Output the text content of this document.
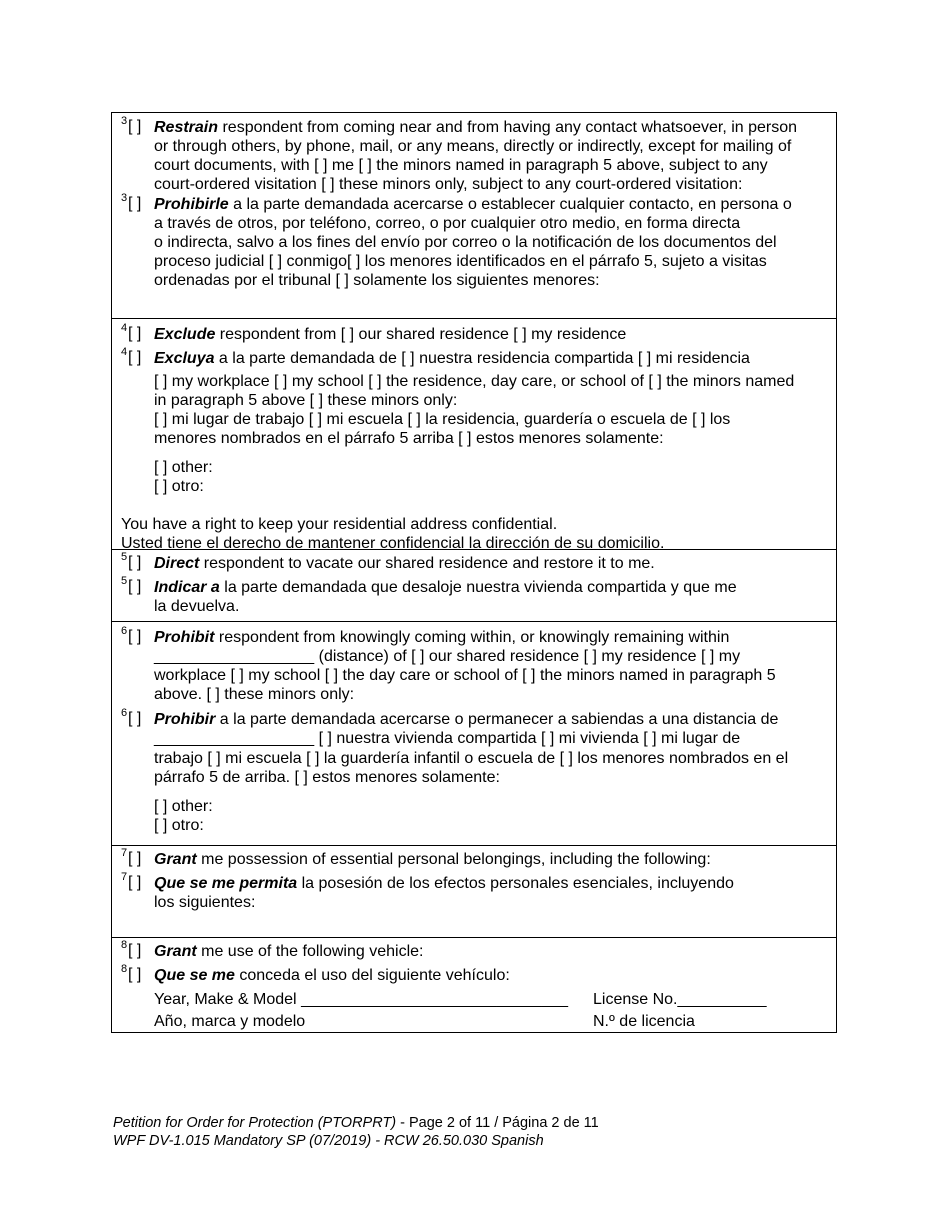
3 [ ] Restrain respondent from coming near and from having any contact whatsoever, in person
or through others, by phone, mail, or any means, directly or indirectly, except for mailing of
court documents, with [ ] me [ ] the minors named in paragraph 5 above, subject to any
court-ordered visitation [ ] these minors only, subject to any court-ordered visitation:
3 [ ] Prohibirle a la parte demandada acercarse o establecer cualquier contacto, en persona o
a través de otros, por teléfono, correo, o por cualquier otro medio, en forma directa
o indirecta, salvo a los fines del envío por correo o la notificación de los documentos del
proceso judicial [ ] conmigo[ ] los menores identificados en el párrafo 5, sujeto a visitas
ordenadas por el tribunal [ ] solamente los siguientes menores:
4 [ ] Exclude respondent from [ ] our shared residence [ ] my residence
4 [ ] Excluya a la parte demandada de [ ] nuestra residencia compartida [ ] mi residencia
[ ] my workplace [ ] my school [ ] the residence, day care, or school of [ ] the minors named
in paragraph 5 above [ ] these minors only:
[ ] mi lugar de trabajo [ ] mi escuela [ ] la residencia, guardería o escuela de [ ] los
menores nombrados en el párrafo 5 arriba [ ] estos menores solamente:
[ ] other:
[ ] otro:
You have a right to keep your residential address confidential.
Usted tiene el derecho de mantener confidencial la dirección de su domicilio.
5 [ ] Direct respondent to vacate our shared residence and restore it to me.
5 [ ] Indicar a la parte demandada que desaloje nuestra vivienda compartida y que me
la devuelva.
6 [ ] Prohibit respondent from knowingly coming within, or knowingly remaining within
__________________ (distance) of [ ] our shared residence [ ] my residence [ ] my
workplace [ ] my school [ ] the day care or school of [ ] the minors named in paragraph 5
above. [ ] these minors only:
6 [ ] Prohibir a la parte demandada acercarse o permanecer a sabiendas a una distancia de
__________________ [ ] nuestra vivienda compartida [ ] mi vivienda [ ] mi lugar de
trabajo [ ] mi escuela [ ] la guardería infantil o escuela de [ ] los menores nombrados en el
párrafo 5 de arriba. [ ] estos menores solamente:
[ ] other:
[ ] otro:
7 [ ] Grant me possession of essential personal belongings, including the following:
7 [ ] Que se me permita la posesión de los efectos personales esenciales, incluyendo
los siguientes:
8 [ ] Grant me use of the following vehicle:
8 [ ] Que se me conceda el uso del siguiente vehículo:
Year, Make & Model ______________________________ License No.__________
Año, marca y modelo	N.º de licencia
Petition for Order for Protection (PTORPRT) - Page 2 of 11 / Página 2 de 11
WPF DV-1.015 Mandatory SP (07/2019) - RCW 26.50.030 Spanish
